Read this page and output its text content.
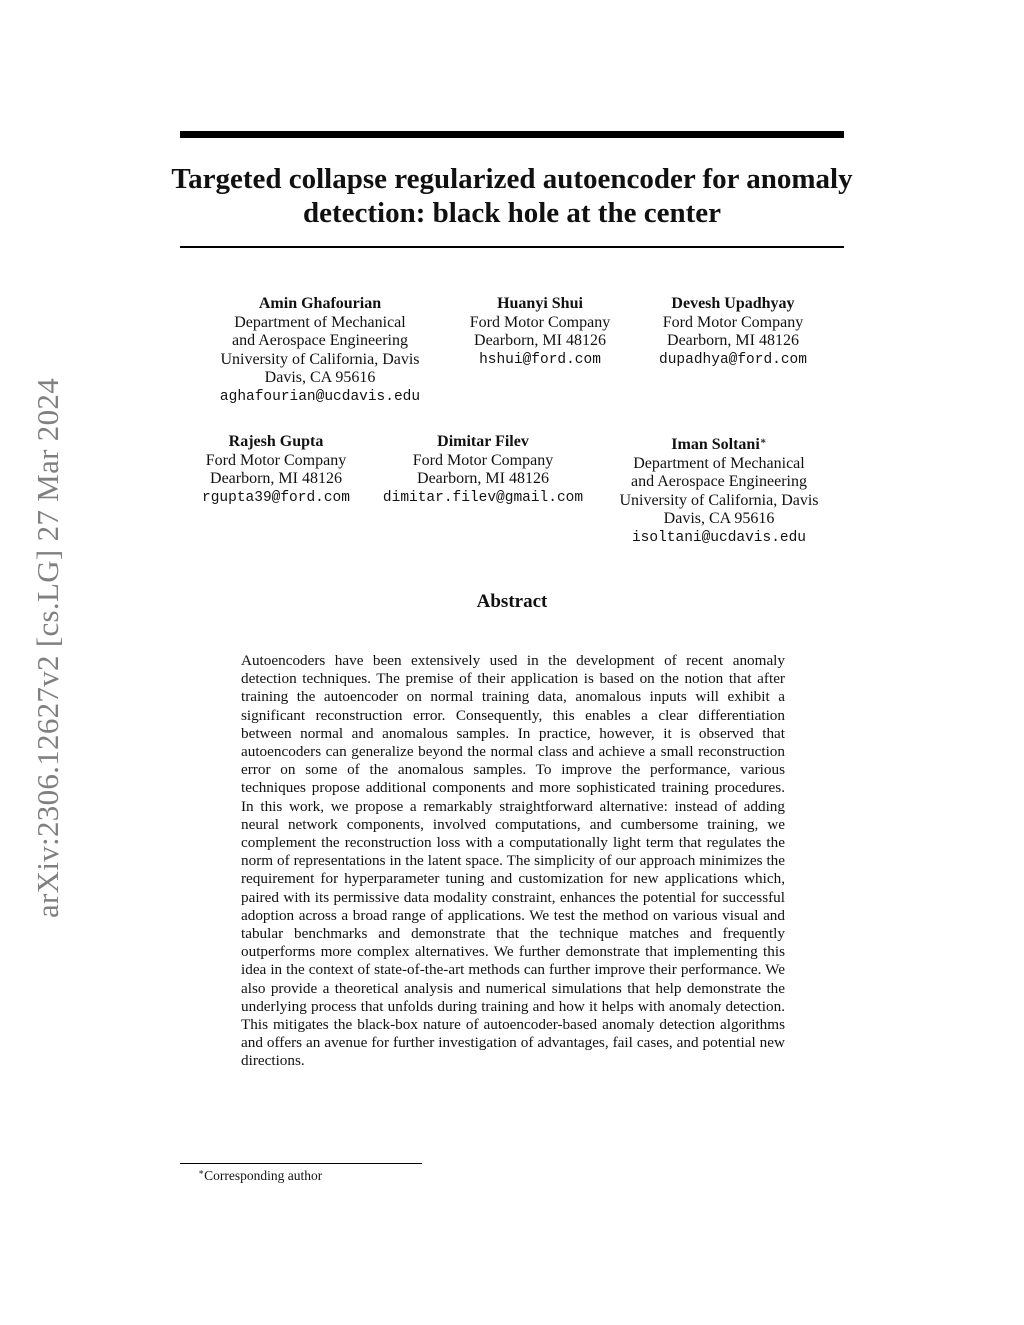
arXiv:2306.12627v2 [cs.LG] 27 Mar 2024
Targeted collapse regularized autoencoder for anomaly detection: black hole at the center
Amin Ghafourian
Department of Mechanical
and Aerospace Engineering
University of California, Davis
Davis, CA 95616
aghafourian@ucdavis.edu
Huanyi Shui
Ford Motor Company
Dearborn, MI 48126
hshui@ford.com
Devesh Upadhyay
Ford Motor Company
Dearborn, MI 48126
dupadhya@ford.com
Rajesh Gupta
Ford Motor Company
Dearborn, MI 48126
rgupta39@ford.com
Dimitar Filev
Ford Motor Company
Dearborn, MI 48126
dimitar.filev@gmail.com
Iman Soltani∗
Department of Mechanical
and Aerospace Engineering
University of California, Davis
Davis, CA 95616
isoltani@ucdavis.edu
Abstract

Autoencoders have been extensively used in the development of recent anomaly detection techniques. The premise of their application is based on the notion that after training the autoencoder on normal training data, anomalous inputs will exhibit a significant reconstruction error. Consequently, this enables a clear differentiation between normal and anomalous samples. In practice, however, it is observed that autoencoders can generalize beyond the normal class and achieve a small reconstruction error on some of the anomalous samples. To improve the performance, various techniques propose additional components and more sophisticated training procedures. In this work, we propose a remarkably straightforward alternative: instead of adding neural network components, involved computations, and cumbersome training, we complement the reconstruction loss with a computationally light term that regulates the norm of representations in the latent space. The simplicity of our approach minimizes the requirement for hyperparameter tuning and customization for new applications which, paired with its permissive data modality constraint, enhances the potential for successful adoption across a broad range of applications. We test the method on various visual and tabular benchmarks and demonstrate that the technique matches and frequently outperforms more complex alternatives. We further demonstrate that implementing this idea in the context of state-of-the-art methods can further improve their performance. We also provide a theoretical analysis and numerical simulations that help demonstrate the underlying process that unfolds during training and how it helps with anomaly detection. This mitigates the black-box nature of autoencoder-based anomaly detection algorithms and offers an avenue for further investigation of advantages, fail cases, and potential new directions.

∗Corresponding author
